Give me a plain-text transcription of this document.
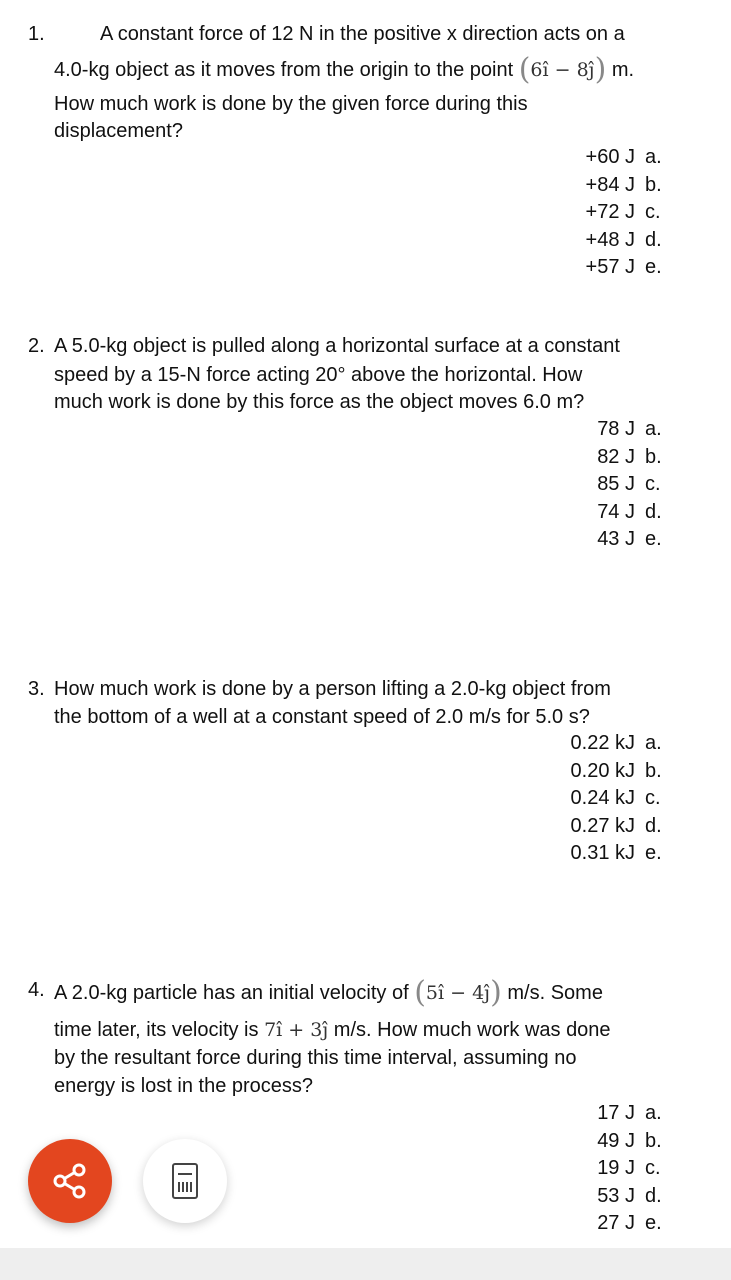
1.	A constant force of 12 N in the positive x direction acts on a
4.0-kg object as it moves from the origin to the point (6î − 8ĵ) m.
How much work is done by the given force during this
displacement?
+60 J a.
+84 J b.
+72 J c.
+48 J d.
+57 J e.
2. A 5.0-kg object is pulled along a horizontal surface at a constant
speed by a 15-N force acting 20° above the horizontal. How
much work is done by this force as the object moves 6.0 m?
78 J a.
82 J b.
85 J c.
74 J d.
43 J e.
3. How much work is done by a person lifting a 2.0-kg object from
the bottom of a well at a constant speed of 2.0 m/s for 5.0 s?
0.22 kJ a.
0.20 kJ b.
0.24 kJ c.
0.27 kJ d.
0.31 kJ e.
4. A 2.0-kg particle has an initial velocity of (5î − 4ĵ) m/s. Some
time later, its velocity is 7î + 3ĵ m/s. How much work was done
by the resultant force during this time interval, assuming no
energy is lost in the process?
17 J a.
49 J b.
19 J c.
53 J d.
27 J e.
